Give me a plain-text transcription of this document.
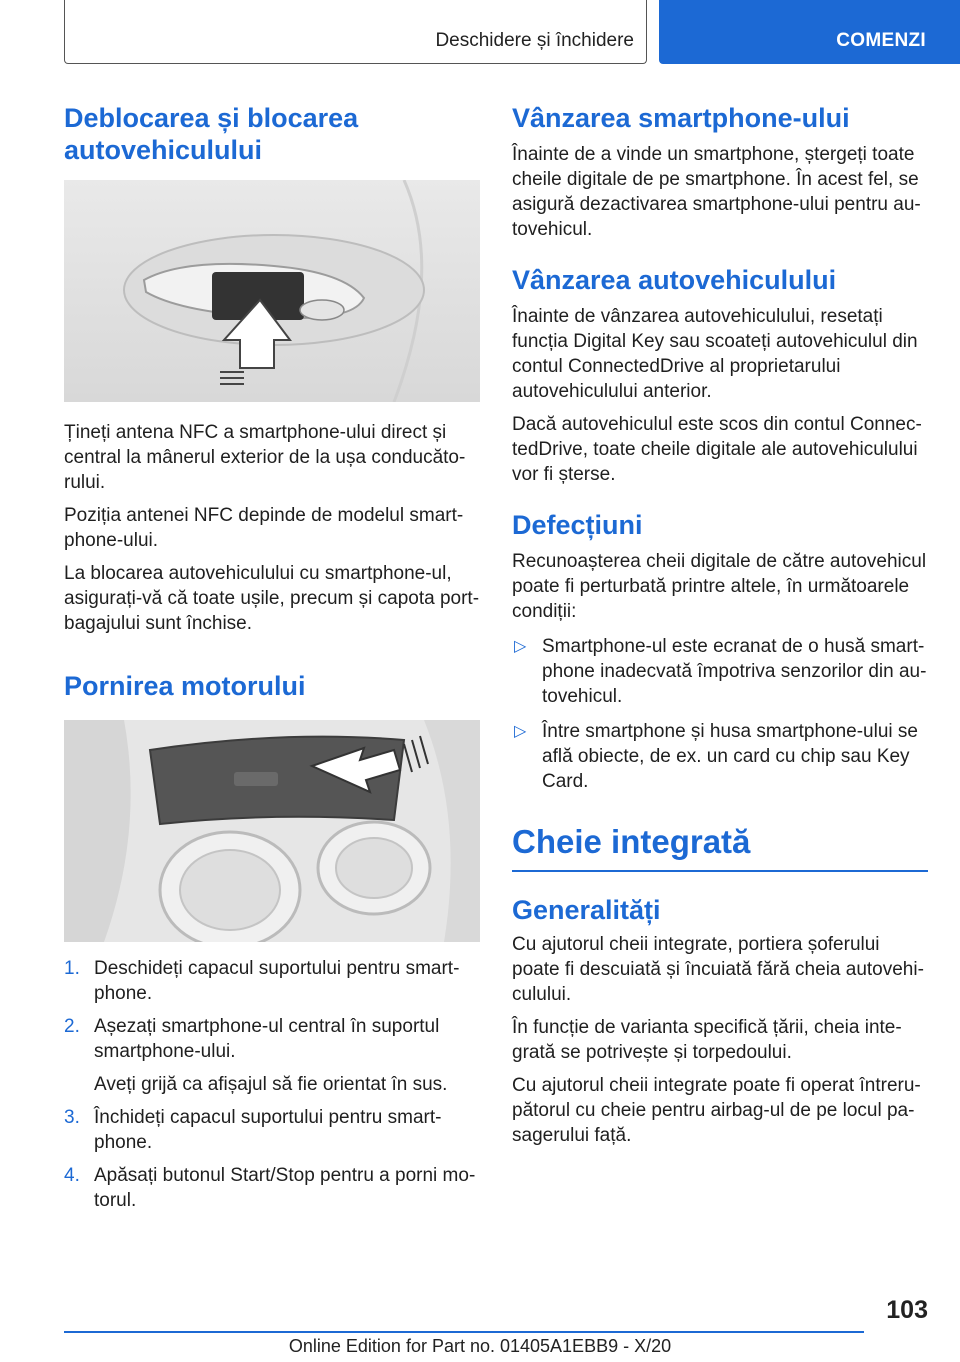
Deschidere și închidere	COMENZI
Deblocarea și blocarea autovehiculului

Țineți antena NFC a smartphone-ului direct și central la mânerul exterior de la ușa conducătorului.

Poziția antenei NFC depinde de modelul smartphone-ului.

La blocarea autovehiculului cu smartphone-ul, asigurați-vă că toate ușile, precum și capota portbagajului sunt închise.

Pornirea motorului
1. Deschideți capacul suportului pentru smartphone.
2. Așezați smartphone-ul central în suportul smartphone-ului.
Aveți grijă ca afișajul să fie orientat în sus.
3. Închideți capacul suportului pentru smartphone.
4. Apăsați butonul Start/Stop pentru a porni motorul.
Vânzarea smartphone-ului

Înainte de a vinde un smartphone, ștergeți toate cheile digitale de pe smartphone. În acest fel, se asigură dezactivarea smartphone-ului pentru autovehicul.

Vânzarea autovehiculului

Înainte de vânzarea autovehiculului, resetați funcția Digital Key sau scoateți autovehiculul din contul ConnectedDrive al proprietarului autovehiculului anterior.

Dacă autovehiculul este scos din contul ConnectedDrive, toate cheile digitale ale autovehiculului vor fi șterse.

Defecțiuni

Recunoașterea cheii digitale de către autovehicul poate fi perturbată printre altele, în următoarele condiții:

▷ Smartphone-ul este ecranat de o husă smartphone inadecvată împotriva senzorilor din autovehicul.
▷ Între smartphone și husa smartphone-ului se află obiecte, de ex. un card cu chip sau Key Card.
Cheie integrată
Generalități

Cu ajutorul cheii integrate, portiera șoferului poate fi descuiată și încuiată fără cheia autovehiculului.

În funcție de varianta specifică țării, cheia integrată se potrivește și torpedoului.

Cu ajutorul cheii integrate poate fi operat întrerupătorul cu cheie pentru airbag-ul de pe locul pasagerului față.

103
Online Edition for Part no. 01405A1EBB9 - X/20
